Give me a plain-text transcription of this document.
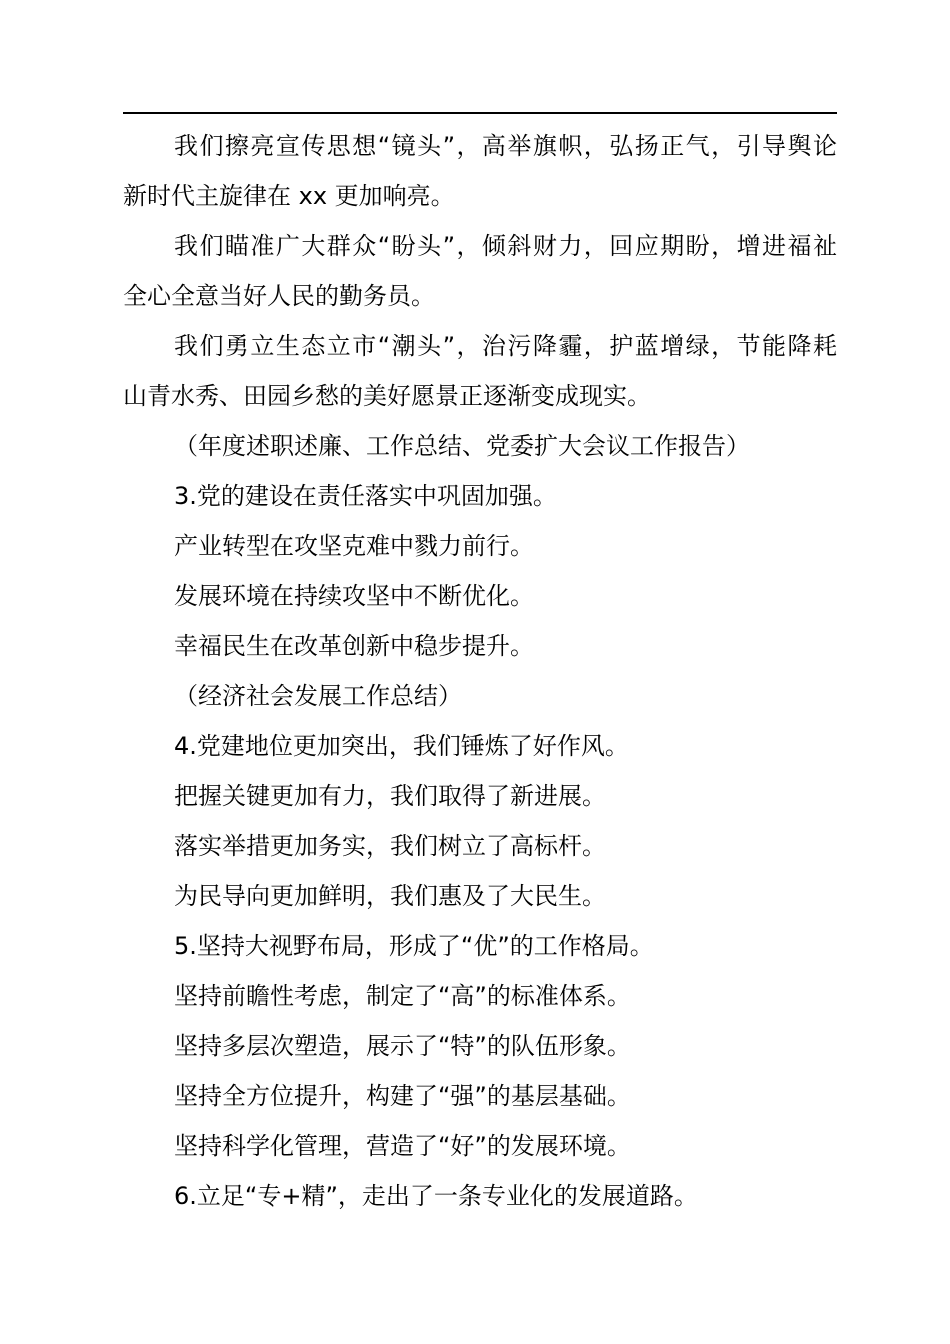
我们擦亮宣传思想“镜头”，高举旗帜，弘扬正气，引导舆论

新时代主旋律在 xx 更加响亮。

我们瞄准广大群众“盼头”，倾斜财力，回应期盼，增进福祉

全心全意当好人民的勤务员。

我们勇立生态立市“潮头”，治污降霾，护蓝增绿，节能降耗

山青水秀、田园乡愁的美好愿景正逐渐变成现实。

（年度述职述廉、工作总结、党委扩大会议工作报告）

3.党的建设在责任落实中巩固加强。

产业转型在攻坚克难中戮力前行。

发展环境在持续攻坚中不断优化。

幸福民生在改革创新中稳步提升。

（经济社会发展工作总结）

4.党建地位更加突出，我们锤炼了好作风。

把握关键更加有力，我们取得了新进展。

落实举措更加务实，我们树立了高标杆。

为民导向更加鲜明，我们惠及了大民生。

5.坚持大视野布局，形成了“优”的工作格局。

坚持前瞻性考虑，制定了“高”的标准体系。

坚持多层次塑造，展示了“特”的队伍形象。

坚持全方位提升，构建了“强”的基层基础。

坚持科学化管理，营造了“好”的发展环境。

6.立足“专+精”，走出了一条专业化的发展道路。
